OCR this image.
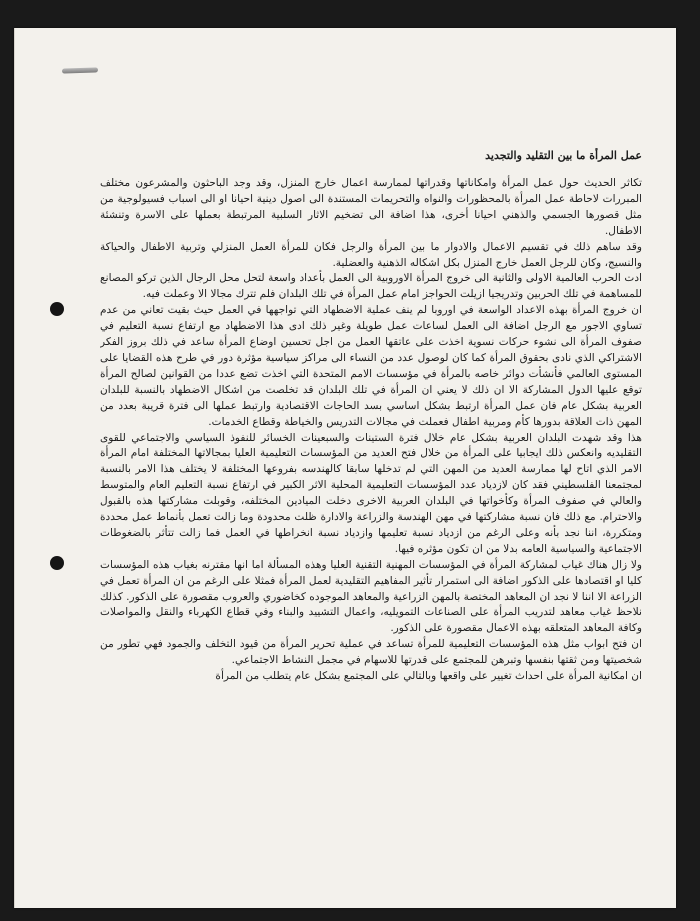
عمل المرأة ما بين التقليد والتجديد

تكاثر الحديث حول عمل المرأة وامكاناتها وقدراتها لممارسة اعمال خارج المنزل، وقد وجد الباحثون والمشرعون مختلف المبررات لاحاطة عمل المرأة بالمحظورات والنواه والتحريمات المستندة الى اصول دينية احيانا او الى اسباب فسيولوجية من مثل قصورها الجسمي والذهني احيانا أخرى، هذا اضافة الى تضخيم الاثار السلبية المرتبطة بعملها على الاسرة وتنشئة الاطفال.

وقد ساهم ذلك في تقسيم الاعمال والادوار ما بين المرأة والرجل فكان للمرأة العمل المنزلي وتربية الاطفال والحياكة والنسيج، وكان للرجل العمل خارج المنزل بكل اشكاله الذهنية والعضلية.

ادت الحرب العالمية الاولى والثانية الى خروج المرأة الاوروبية الى العمل بأعداد واسعة لتحل محل الرجال الذين تركو المصانع للمساهمة في تلك الحربين وتدريجيا ازيلت الحواجز امام عمل المرأة في تلك البلدان فلم تترك مجالا الا وعملت فيه.

ان خروج المرأة بهذه الاعداد الواسعة في اوروبا لم ينف عملية الاضطهاد التي تواجهها في العمل حيث بقيت تعاني من عدم تساوي الاجور مع الرجل اضافة الى العمل لساعات عمل طويلة وغير ذلك ادى هذا الاضطهاد مع ارتفاع نسبة التعليم في صفوف المرأة الى نشوء حركات نسوية اخذت على عاتقها العمل من اجل تحسين اوضاع المرأة ساعد في ذلك بروز الفكر الاشتراكي الذي نادى بحقوق المرأة كما كان لوصول عدد من النساء الى مراكز سياسية مؤثرة دور في طرح هذه القضايا على المستوى العالمي فأنشأت دوائر خاصه بالمرأة في مؤسسات الامم المتحدة التي اخذت تضع عددا من القوانين لصالح المرأة توقع عليها الدول المشاركة الا ان ذلك لا يعني ان المرأة في تلك البلدان قد تخلصت من اشكال الاضطهاد بالنسبة للبلدان العربية بشكل عام فان عمل المرأة ارتبط بشكل اساسي بسد الحاجات الاقتصادية وارتبط عملها الى فترة قريبة بعدد من المهن ذات العلاقة بدورها كأم ومربية اطفال فعملت في مجالات التدريس والخياطة وقطاع الخدمات.

هذا وقد شهدت البلدان العربية بشكل عام خلال فترة الستينات والسبعينات الخسائر للنفوذ السياسي والاجتماعي للقوى التقليديه وانعكس ذلك ايجابيا على المرأة من خلال فتح العديد من المؤسسات التعليمية العليا بمجالاتها المختلفة امام المرأة الامر الذي اتاح لها ممارسة العديد من المهن التي لم تدخلها سابقا كالهندسه بفروعها المختلفة لا يختلف هذا الامر بالنسبة لمجتمعنا الفلسطيني فقد كان لازدياد عدد المؤسسات التعليمية المحلية الاثر الكبير في ارتفاع نسبة التعليم العام والمتوسط والعالي في صفوف المرأة وكأخواتها في البلدان العربية الاخرى دخلت الميادين المختلفه، وقوبلت مشاركتها هذه بالقبول والاحترام. مع ذلك فان نسبة مشاركتها في مهن الهندسة والزراعة والادارة ظلت محدودة وما زالت تعمل بأنماط عمل محددة ومتكررة، اننا نجد بأنه وعلى الرغم من ازدياد نسبة تعليمها وازدياد نسبة انخراطها في العمل فما زالت تتأثر بالضغوطات الاجتماعية والسياسية العامه بدلا من ان تكون مؤثره فيها.

ولا زال هناك غياب لمشاركة المرأة في المؤسسات المهنية التقنية العليا وهذه المسألة اما انها مقترنه بغياب هذه المؤسسات كليا او اقتصادها على الذكور اضافة الى استمرار تأثير المفاهيم التقليدية لعمل المرأة فمثلا على الرغم من ان المرأة تعمل في الزراعة الا اننا لا نجد ان المعاهد المختصة بالمهن الزراعية والمعاهد الموجوده كخاضوري والعروب مقصورة على الذكور. كذلك نلاحظ غياب معاهد لتدريب المرأة على الصناعات التمويليه، واعمال التشييد والبناء وفي قطاع الكهرباء والنقل والمواصلات وكافة المعاهد المتعلقه بهذه الاعمال مقصورة على الذكور.

ان فتح ابواب مثل هذه المؤسسات التعليمية للمرأة تساعد في عملية تحرير المرأة من قيود التخلف والجمود فهي تطور من شخصيتها ومن ثقتها بنفسها وتبرهن للمجتمع على قدرتها للاسهام في مجمل النشاط الاجتماعي.

ان امكانية المرأة على احداث تغيير على واقعها وبالتالي على المجتمع بشكل عام يتطلب من المرأة
